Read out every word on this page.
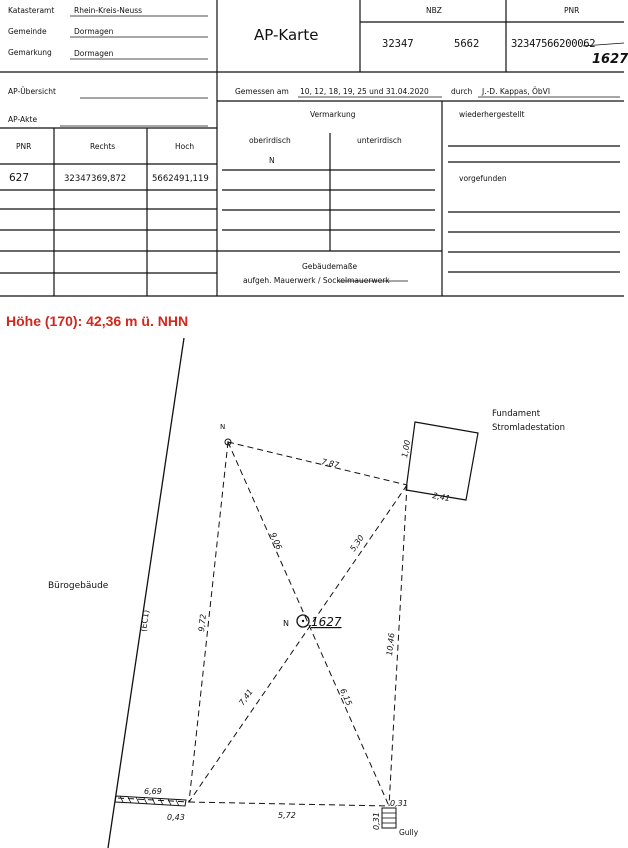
Katasteramt	Rhein-Kreis-Neuss
Gemeinde	Dormagen
Gemarkung	Dormagen
AP-Karte
NBZ	PNR
32347	5662	32347566200062
1627
AP-Übersicht
AP-Akte
PNR	Rechts	Hoch
627	32347369,872	5662491,119
Gemessen am 10, 12, 18, 19, 25 und 31.04.2020	durch J.-D. Kappas, ÖbVI
Vermarkung
oberirdisch	unterirdisch
N
Gebäudemaße
aufgeh. Mauerwerk / Sockelmauerwerk
wiederhergestellt
vorgefunden
Höhe (170): 42,36 m ü. NHN
Bürogebäude
(EC1)
Fundament
Stromladestation
1627
N
N
Gully
7,87
1,00
2,41
9,06	5,30
9,72
10,46
7,41	6,15
6,69
0,43	5,72
0,31
0,31
